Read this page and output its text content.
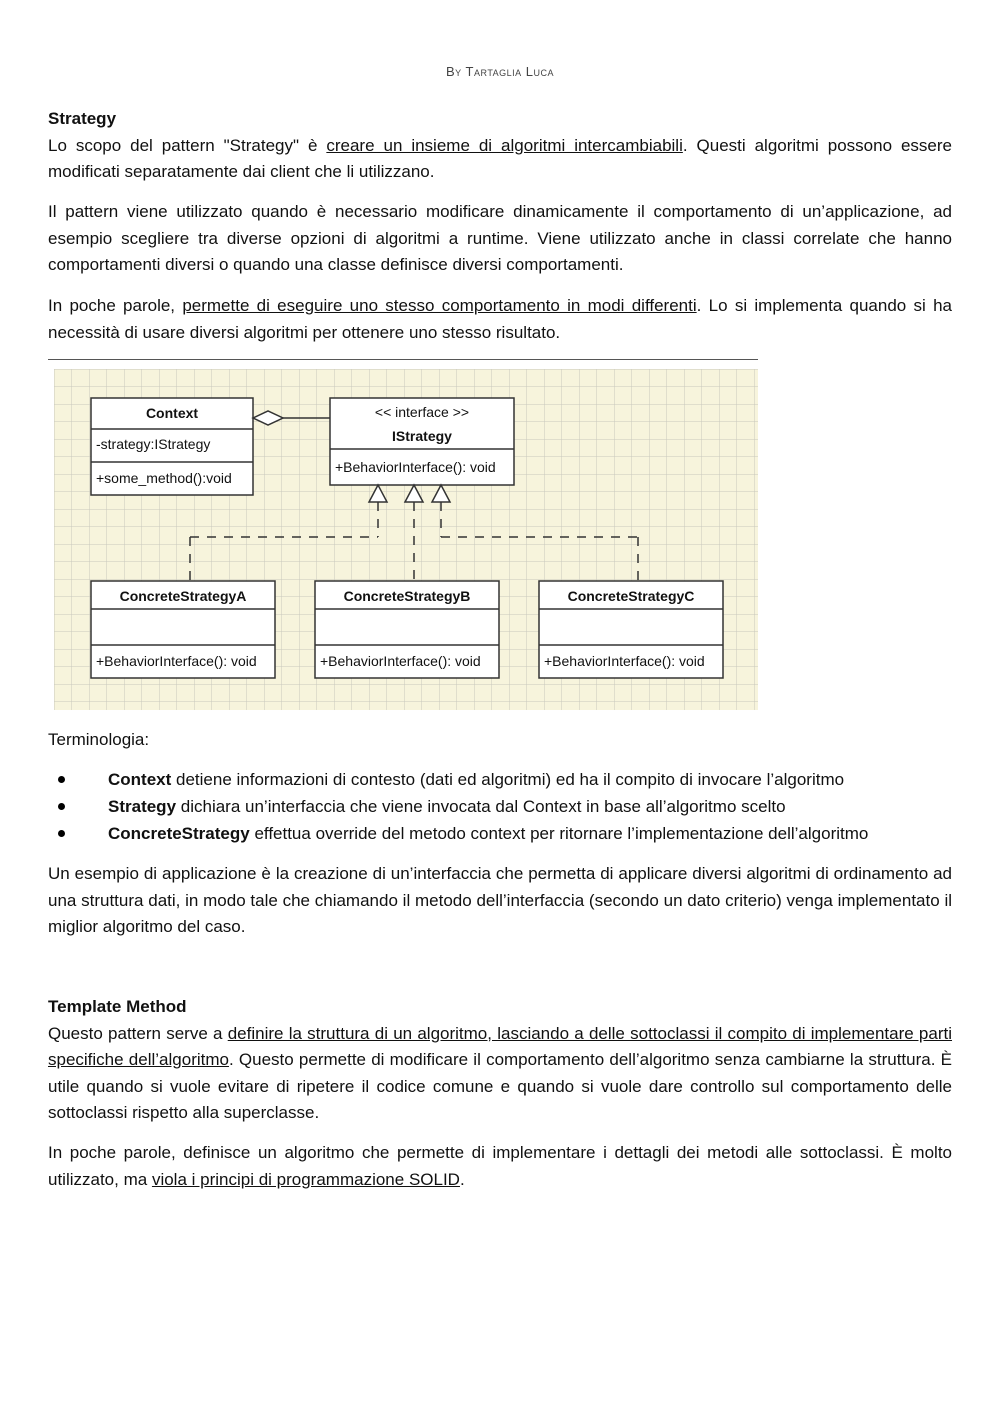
By Tartaglia Luca
Strategy
Lo scopo del pattern "Strategy" è creare un insieme di algoritmi intercambiabili. Questi algoritmi possono essere modificati separatamente dai client che li utilizzano.
Il pattern viene utilizzato quando è necessario modificare dinamicamente il comportamento di un’applicazione, ad esempio scegliere tra diverse opzioni di algoritmi a runtime. Viene utilizzato anche in classi correlate che hanno comportamenti diversi o quando una classe definisce diversi comportamenti.
In poche parole, permette di eseguire uno stesso comportamento in modi differenti. Lo si implementa quando si ha necessità di usare diversi algoritmi per ottenere uno stesso risultato.
Context
-strategy:IStrategy
+some_method():void
<< interface >>
IStrategy
+BehaviorInterface(): void
ConcreteStrategyA
+BehaviorInterface(): void
ConcreteStrategyB
+BehaviorInterface(): void
ConcreteStrategyC
+BehaviorInterface(): void
Terminologia:
Context detiene informazioni di contesto (dati ed algoritmi) ed ha il compito di invocare l’algoritmo
Strategy dichiara un’interfaccia che viene invocata dal Context in base all’algoritmo scelto
ConcreteStrategy effettua override del metodo context per ritornare l’implementazione dell’algoritmo
Un esempio di applicazione è la creazione di un’interfaccia che permetta di applicare diversi algoritmi di ordinamento ad una struttura dati, in modo tale che chiamando il metodo dell’interfaccia (secondo un dato criterio) venga implementato il miglior algoritmo del caso.
Template Method
Questo pattern serve a definire la struttura di un algoritmo, lasciando a delle sottoclassi il compito di implementare parti specifiche dell’algoritmo. Questo permette di modificare il comportamento dell’algoritmo senza cambiarne la struttura. È utile quando si vuole evitare di ripetere il codice comune e quando si vuole dare controllo sul comportamento delle sottoclassi rispetto alla superclasse.
In poche parole, definisce un algoritmo che permette di implementare i dettagli dei metodi alle sottoclassi. È molto utilizzato, ma viola i principi di programmazione SOLID.
